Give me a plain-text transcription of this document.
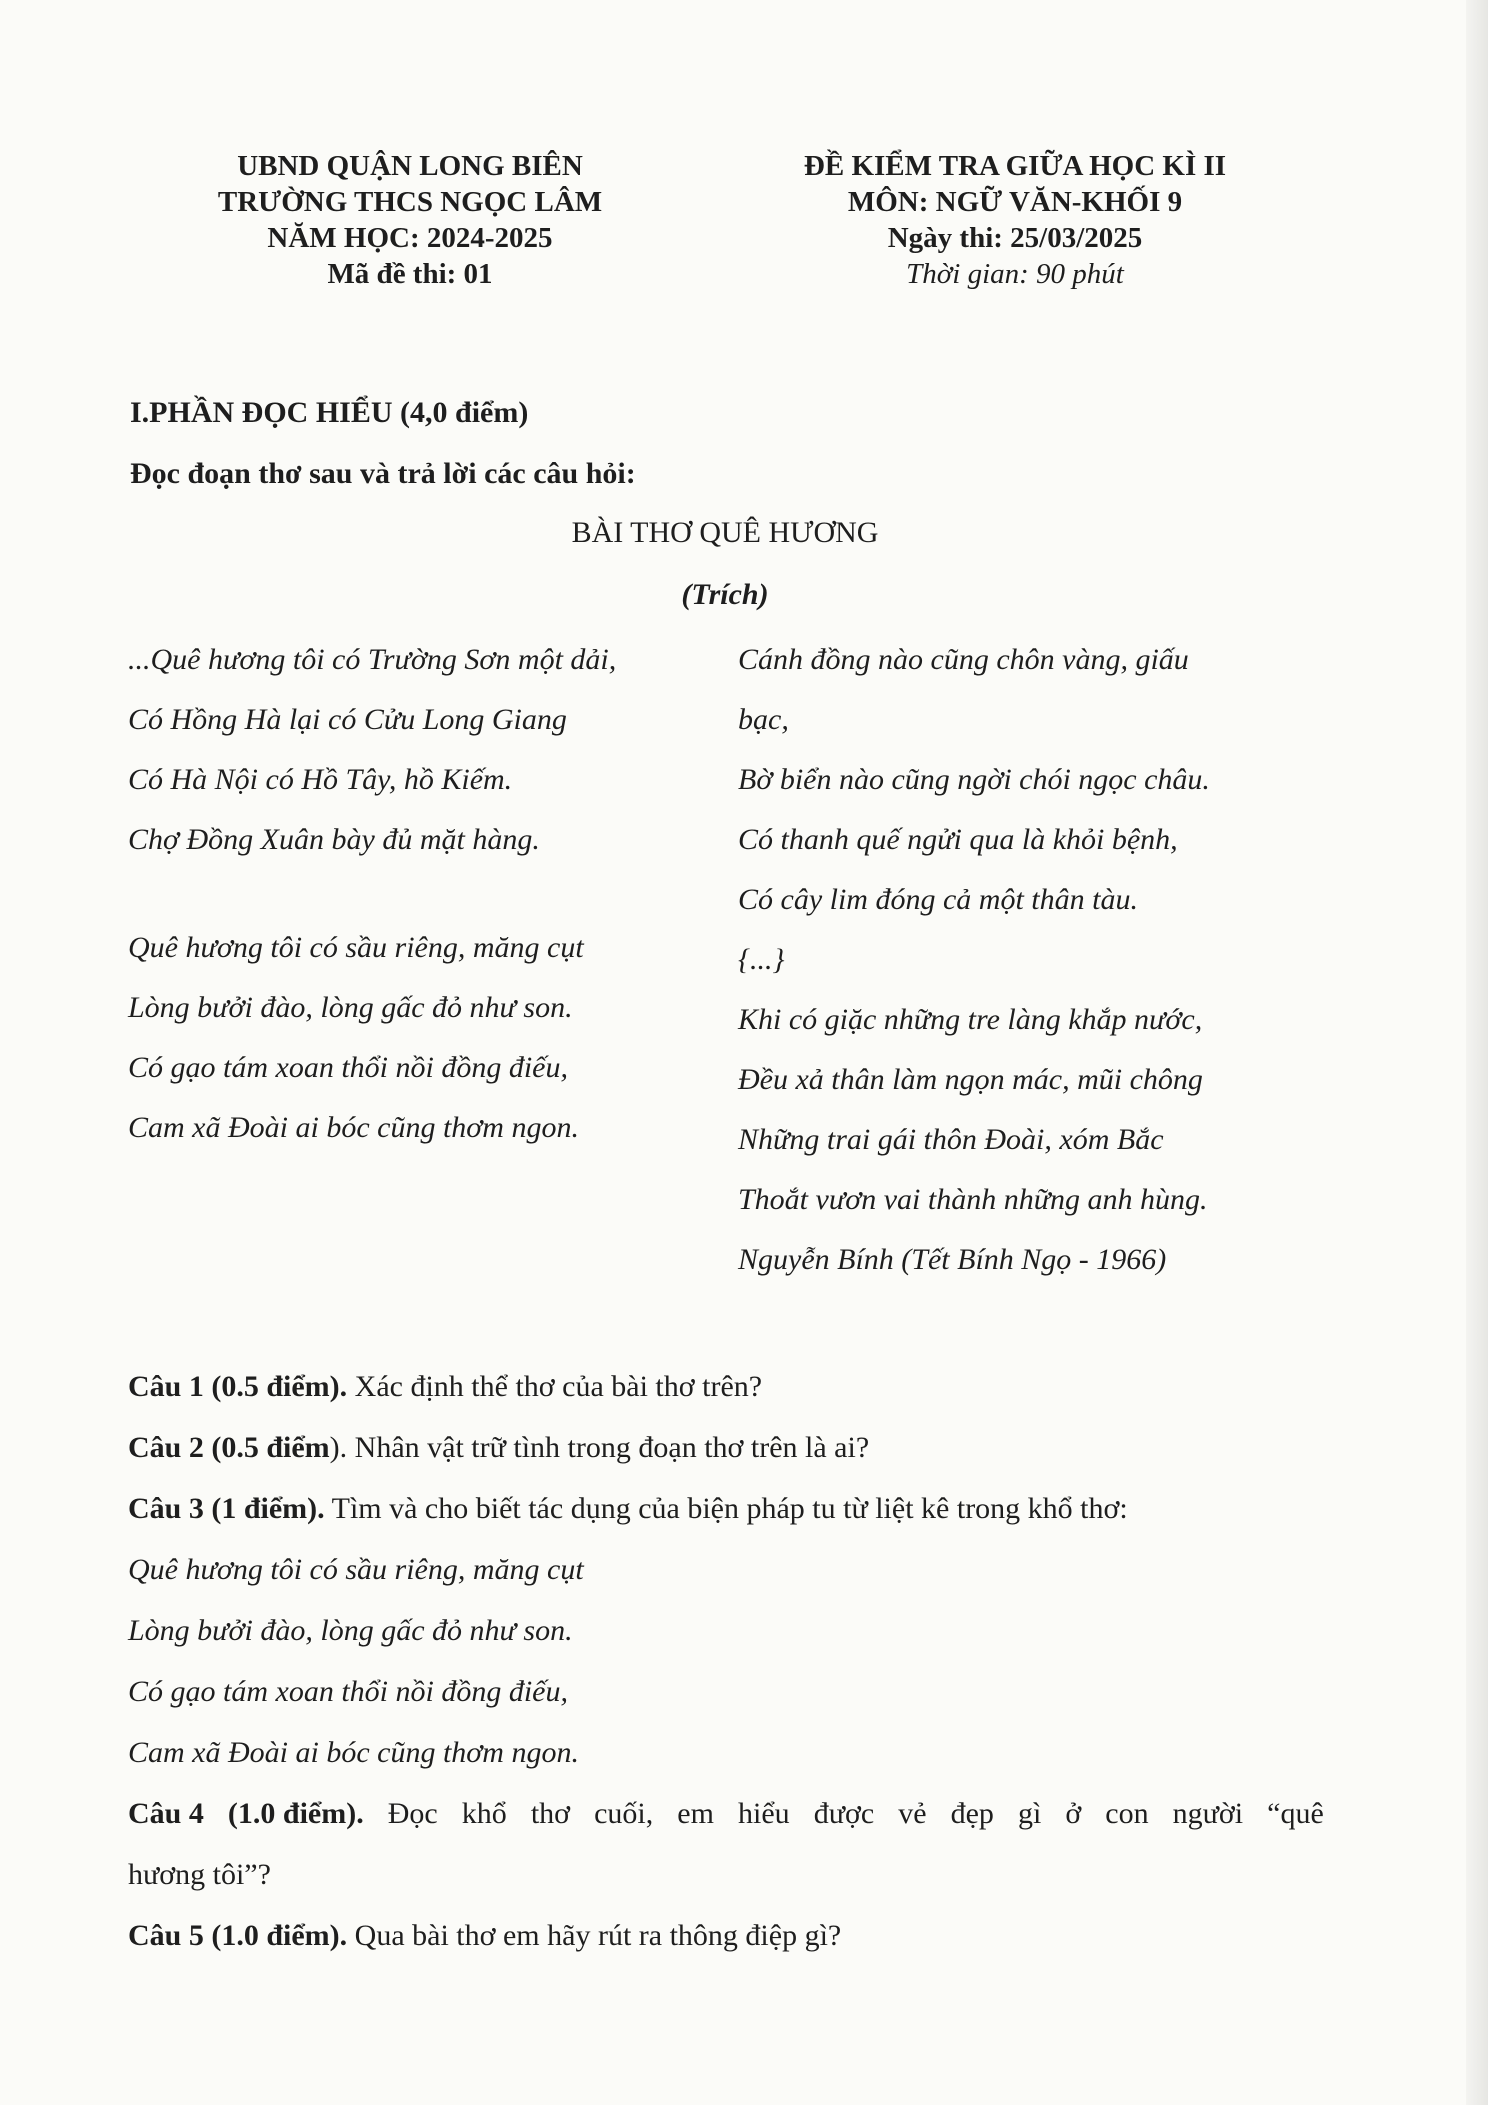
UBND QUẬN LONG BIÊN
TRƯỜNG THCS NGỌC LÂM
NĂM HỌC: 2024-2025
Mã đề thi: 01
ĐỀ KIỂM TRA GIỮA HỌC KÌ II
MÔN: NGỮ VĂN-KHỐI 9
Ngày thi: 25/03/2025
Thời gian: 90 phút
I.PHẦN ĐỌC HIỂU (4,0 điểm)
Đọc đoạn thơ sau và trả lời các câu hỏi:
BÀI THƠ QUÊ HƯƠNG
(Trích)
...Quê hương tôi có Trường Sơn một dải,
Có Hồng Hà lại có Cửu Long Giang
Có Hà Nội có Hồ Tây, hồ Kiếm.
Chợ Đồng Xuân bày đủ mặt hàng.
Quê hương tôi có sầu riêng, măng cụt
Lòng bưởi đào, lòng gấc đỏ như son.
Có gạo tám xoan thổi nồi đồng điếu,
Cam xã Đoài ai bóc cũng thơm ngon.
Cánh đồng nào cũng chôn vàng, giấu
bạc,
Bờ biển nào cũng ngời chói ngọc châu.
Có thanh quế ngửi qua là khỏi bệnh,
Có cây lim đóng cả một thân tàu.
{...}
Khi có giặc những tre làng khắp nước,
Đều xả thân làm ngọn mác, mũi chông
Những trai gái thôn Đoài, xóm Bắc
Thoắt vươn vai thành những anh hùng.
Nguyễn Bính (Tết Bính Ngọ - 1966)
Câu 1 (0.5 điểm). Xác định thể thơ của bài thơ trên?
Câu 2 (0.5 điểm). Nhân vật trữ tình trong đoạn thơ trên là ai?
Câu 3 (1 điểm). Tìm và cho biết tác dụng của biện pháp tu từ liệt kê trong khổ thơ:
Quê hương tôi có sầu riêng, măng cụt
Lòng bưởi đào, lòng gấc đỏ như son.
Có gạo tám xoan thổi nồi đồng điếu,
Cam xã Đoài ai bóc cũng thơm ngon.
Câu 4 (1.0 điểm). Đọc khổ thơ cuối, em hiểu được vẻ đẹp gì ở con người “quê
hương tôi”?
Câu 5 (1.0 điểm). Qua bài thơ em hãy rút ra thông điệp gì?
